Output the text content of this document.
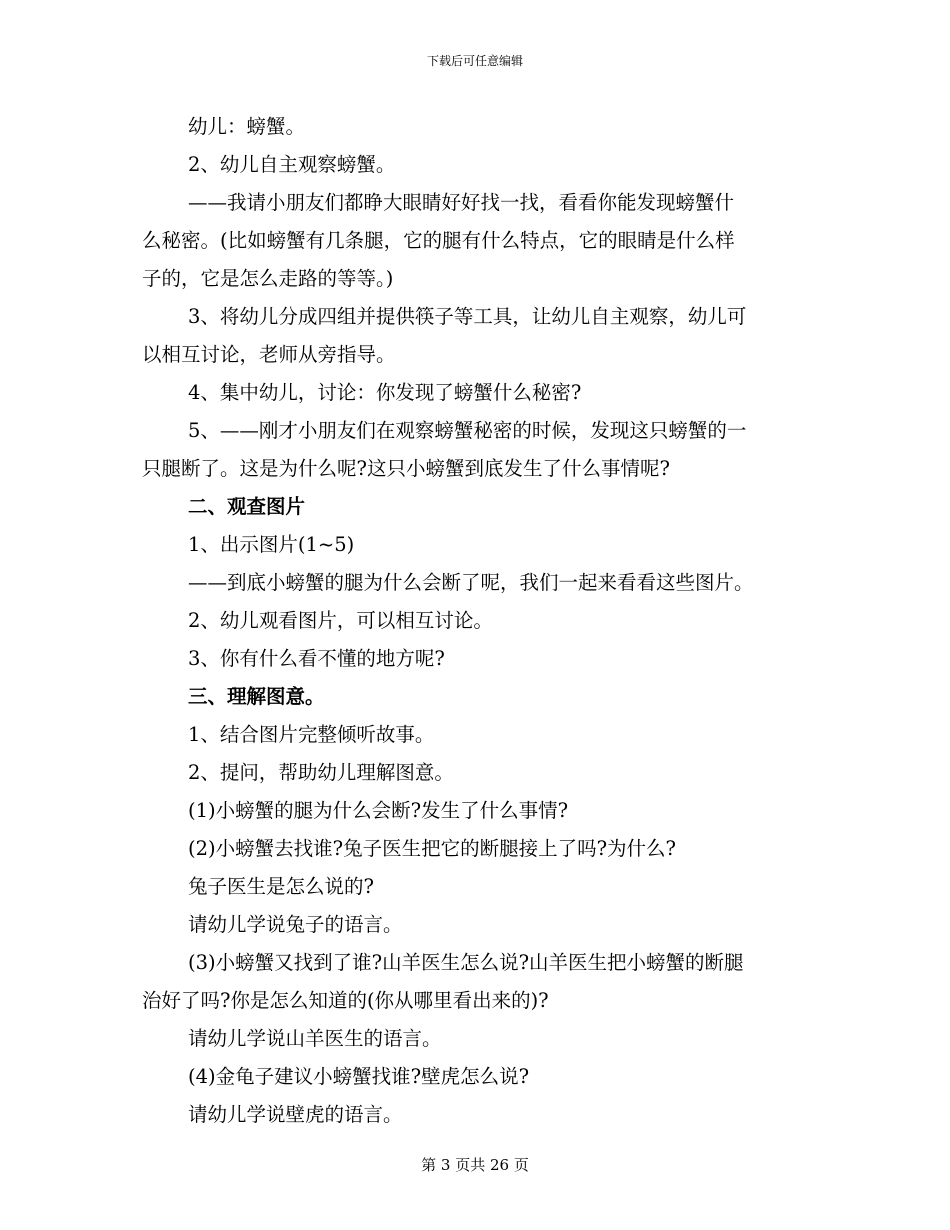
下载后可任意编辑
幼儿：螃蟹。
2、幼儿自主观察螃蟹。
——我请小朋友们都睁大眼睛好好找一找，看看你能发现螃蟹什
么秘密。(比如螃蟹有几条腿，它的腿有什么特点，它的眼睛是什么样
子的，它是怎么走路的等等。)
3、将幼儿分成四组并提供筷子等工具，让幼儿自主观察，幼儿可
以相互讨论，老师从旁指导。
4、集中幼儿，讨论：你发现了螃蟹什么秘密?
5、——刚才小朋友们在观察螃蟹秘密的时候，发现这只螃蟹的一
只腿断了。这是为什么呢?这只小螃蟹到底发生了什么事情呢?
二、观查图片
1、出示图片(1~5)
——到底小螃蟹的腿为什么会断了呢，我们一起来看看这些图片。
2、幼儿观看图片，可以相互讨论。
3、你有什么看不懂的地方呢?
三、理解图意。
1、结合图片完整倾听故事。
2、提问，帮助幼儿理解图意。
(1)小螃蟹的腿为什么会断?发生了什么事情?
(2)小螃蟹去找谁?兔子医生把它的断腿接上了吗?为什么?
兔子医生是怎么说的?
请幼儿学说兔子的语言。
(3)小螃蟹又找到了谁?山羊医生怎么说?山羊医生把小螃蟹的断腿
治好了吗?你是怎么知道的(你从哪里看出来的)?
请幼儿学说山羊医生的语言。
(4)金龟子建议小螃蟹找谁?壁虎怎么说?
请幼儿学说壁虎的语言。
第 3 页共 26 页
